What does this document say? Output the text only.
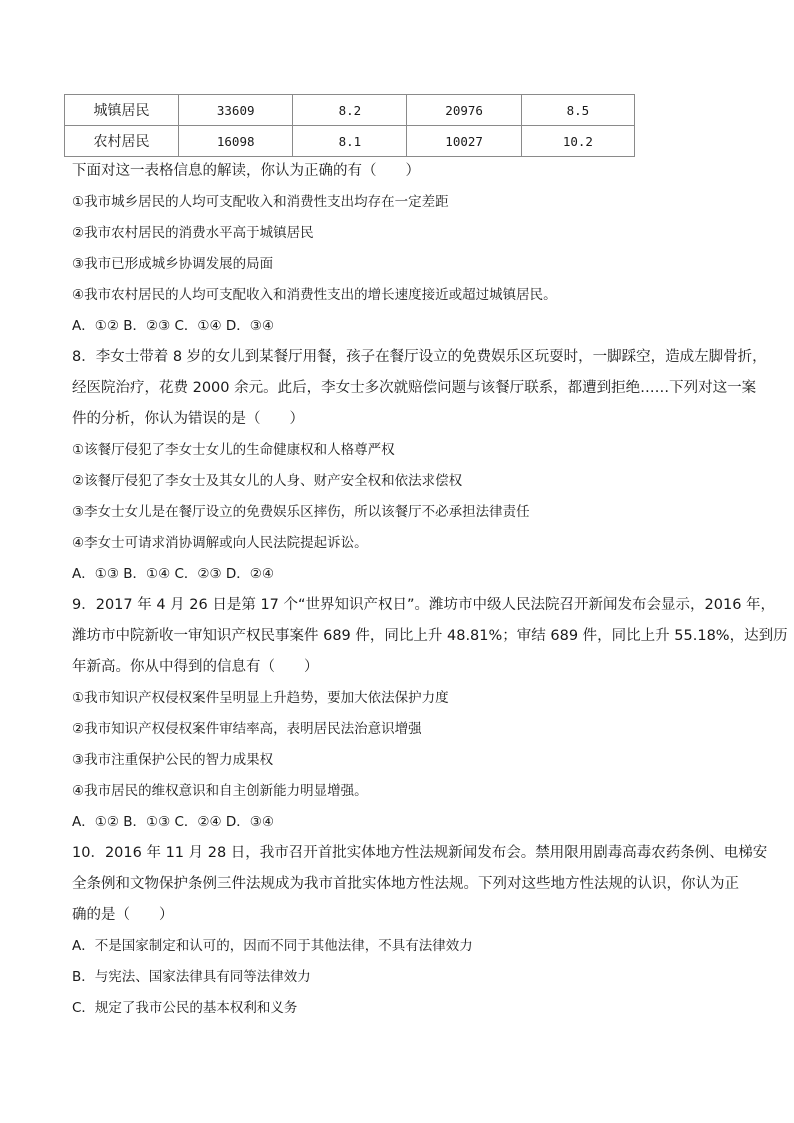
城镇居民	33609	8.2	20976	8.5
农村居民	16098	8.1	10027	10.2
下面对这一表格信息的解读，你认为正确的有（　　）
①我市城乡居民的人均可支配收入和消费性支出均存在一定差距
②我市农村居民的消费水平高于城镇居民
③我市已形成城乡协调发展的局面
④我市农村居民的人均可支配收入和消费性支出的增长速度接近或超过城镇居民。
A．①② B．②③ C．①④ D．③④
8．李女士带着 8 岁的女儿到某餐厅用餐，孩子在餐厅设立的免费娱乐区玩耍时，一脚踩空，造成左脚骨折，
经医院治疗，花费 2000 余元。此后，李女士多次就赔偿问题与该餐厅联系，都遭到拒绝……下列对这一案
件的分析，你认为错误的是（　　）
①该餐厅侵犯了李女士女儿的生命健康权和人格尊严权
②该餐厅侵犯了李女士及其女儿的人身、财产安全权和依法求偿权
③李女士女儿是在餐厅设立的免费娱乐区摔伤，所以该餐厅不必承担法律责任
④李女士可请求消协调解或向人民法院提起诉讼。
A．①③ B．①④ C．②③ D．②④
9．2017 年 4 月 26 日是第 17 个“世界知识产权日”。潍坊市中级人民法院召开新闻发布会显示，2016 年，
潍坊市中院新收一审知识产权民事案件 689 件，同比上升 48.81%；审结 689 件，同比上升 55.18%，达到历
年新高。你从中得到的信息有（　　）
①我市知识产权侵权案件呈明显上升趋势，要加大依法保护力度
②我市知识产权侵权案件审结率高，表明居民法治意识增强
③我市注重保护公民的智力成果权
④我市居民的维权意识和自主创新能力明显增强。
A．①② B．①③ C．②④ D．③④
10．2016 年 11 月 28 日，我市召开首批实体地方性法规新闻发布会。禁用限用剧毒高毒农药条例、电梯安
全条例和文物保护条例三件法规成为我市首批实体地方性法规。下列对这些地方性法规的认识，你认为正
确的是（　　）
A．不是国家制定和认可的，因而不同于其他法律，不具有法律效力
B．与宪法、国家法律具有同等法律效力
C．规定了我市公民的基本权利和义务
